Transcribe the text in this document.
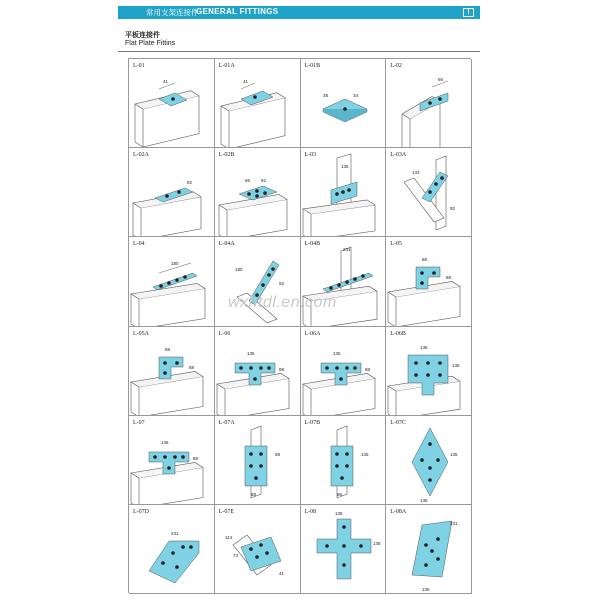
常用支架连接件
GENERAL FITTINGS
平板连接件
Flat Plate Fittins
41
L-01
41
L-01A
38	34
L-01B
66
L-02
92
L-02A
66 92
L-02B
135
L-03
133
92
L-03A
180
L-04
180
92
L-04A
231
L-04B
88
88
L-05
88
88
L-05A
135
88
L-06
135
88
L-06A
136
136
L-06B
135
88
L-07
88
88
L-07A
135
88
L-07B
135
135
L-07C
231
L-07D
114
73
41
L-07E	135
135
L-08
231
135
L-08A
wxhtdl.en.com
